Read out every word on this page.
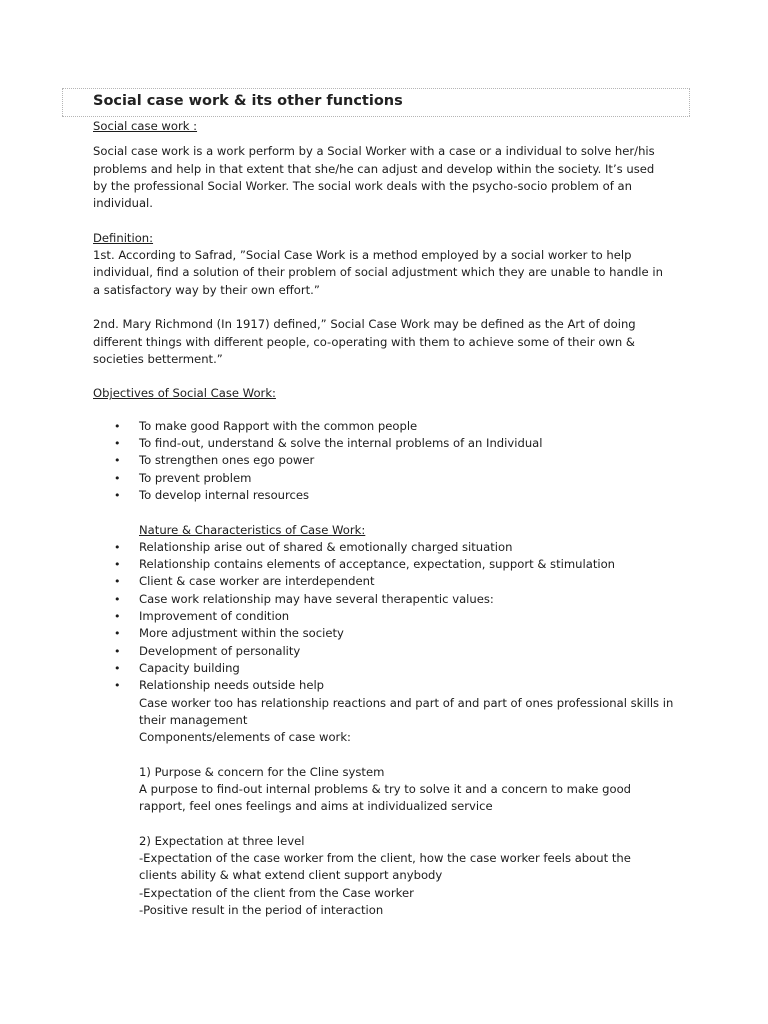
Social case work & its other functions

Social case work :

Social case work is a work perform by a Social Worker with a case or a individual to solve her/his

problems and help in that extent that she/he can adjust and develop within the society. It’s used

by the professional Social Worker. The social work deals with the psycho-socio problem of an

individual.

Definition:

1st. According to Safrad, ”Social Case Work is a method employed by a social worker to help

individual, find a solution of their problem of social adjustment which they are unable to handle in

a satisfactory way by their own effort.”

2nd. Mary Richmond (In 1917) defined,” Social Case Work may be defined as the Art of doing

different things with different people, co-operating with them to achieve some of their own &

societies betterment.”

Objectives of Social Case Work:

• To make good Rapport with the common people
• To find-out, understand & solve the internal problems of an Individual
• To strengthen ones ego power
• To prevent problem
• To develop internal resources

Nature & Characteristics of Case Work:

• Relationship arise out of shared & emotionally charged situation
• Relationship contains elements of acceptance, expectation, support & stimulation
• Client & case worker are interdependent
• Case work relationship may have several therapentic values:
• Improvement of condition
• More adjustment within the society
• Development of personality
• Capacity building
• Relationship needs outside help

Case worker too has relationship reactions and part of and part of ones professional skills in

their management

Components/elements of case work:

1) Purpose & concern for the Cline system

A purpose to find-out internal problems & try to solve it and a concern to make good

rapport, feel ones feelings and aims at individualized service

2) Expectation at three level

-Expectation of the case worker from the client, how the case worker feels about the

clients ability & what extend client support anybody

-Expectation of the client from the Case worker

-Positive result in the period of interaction
